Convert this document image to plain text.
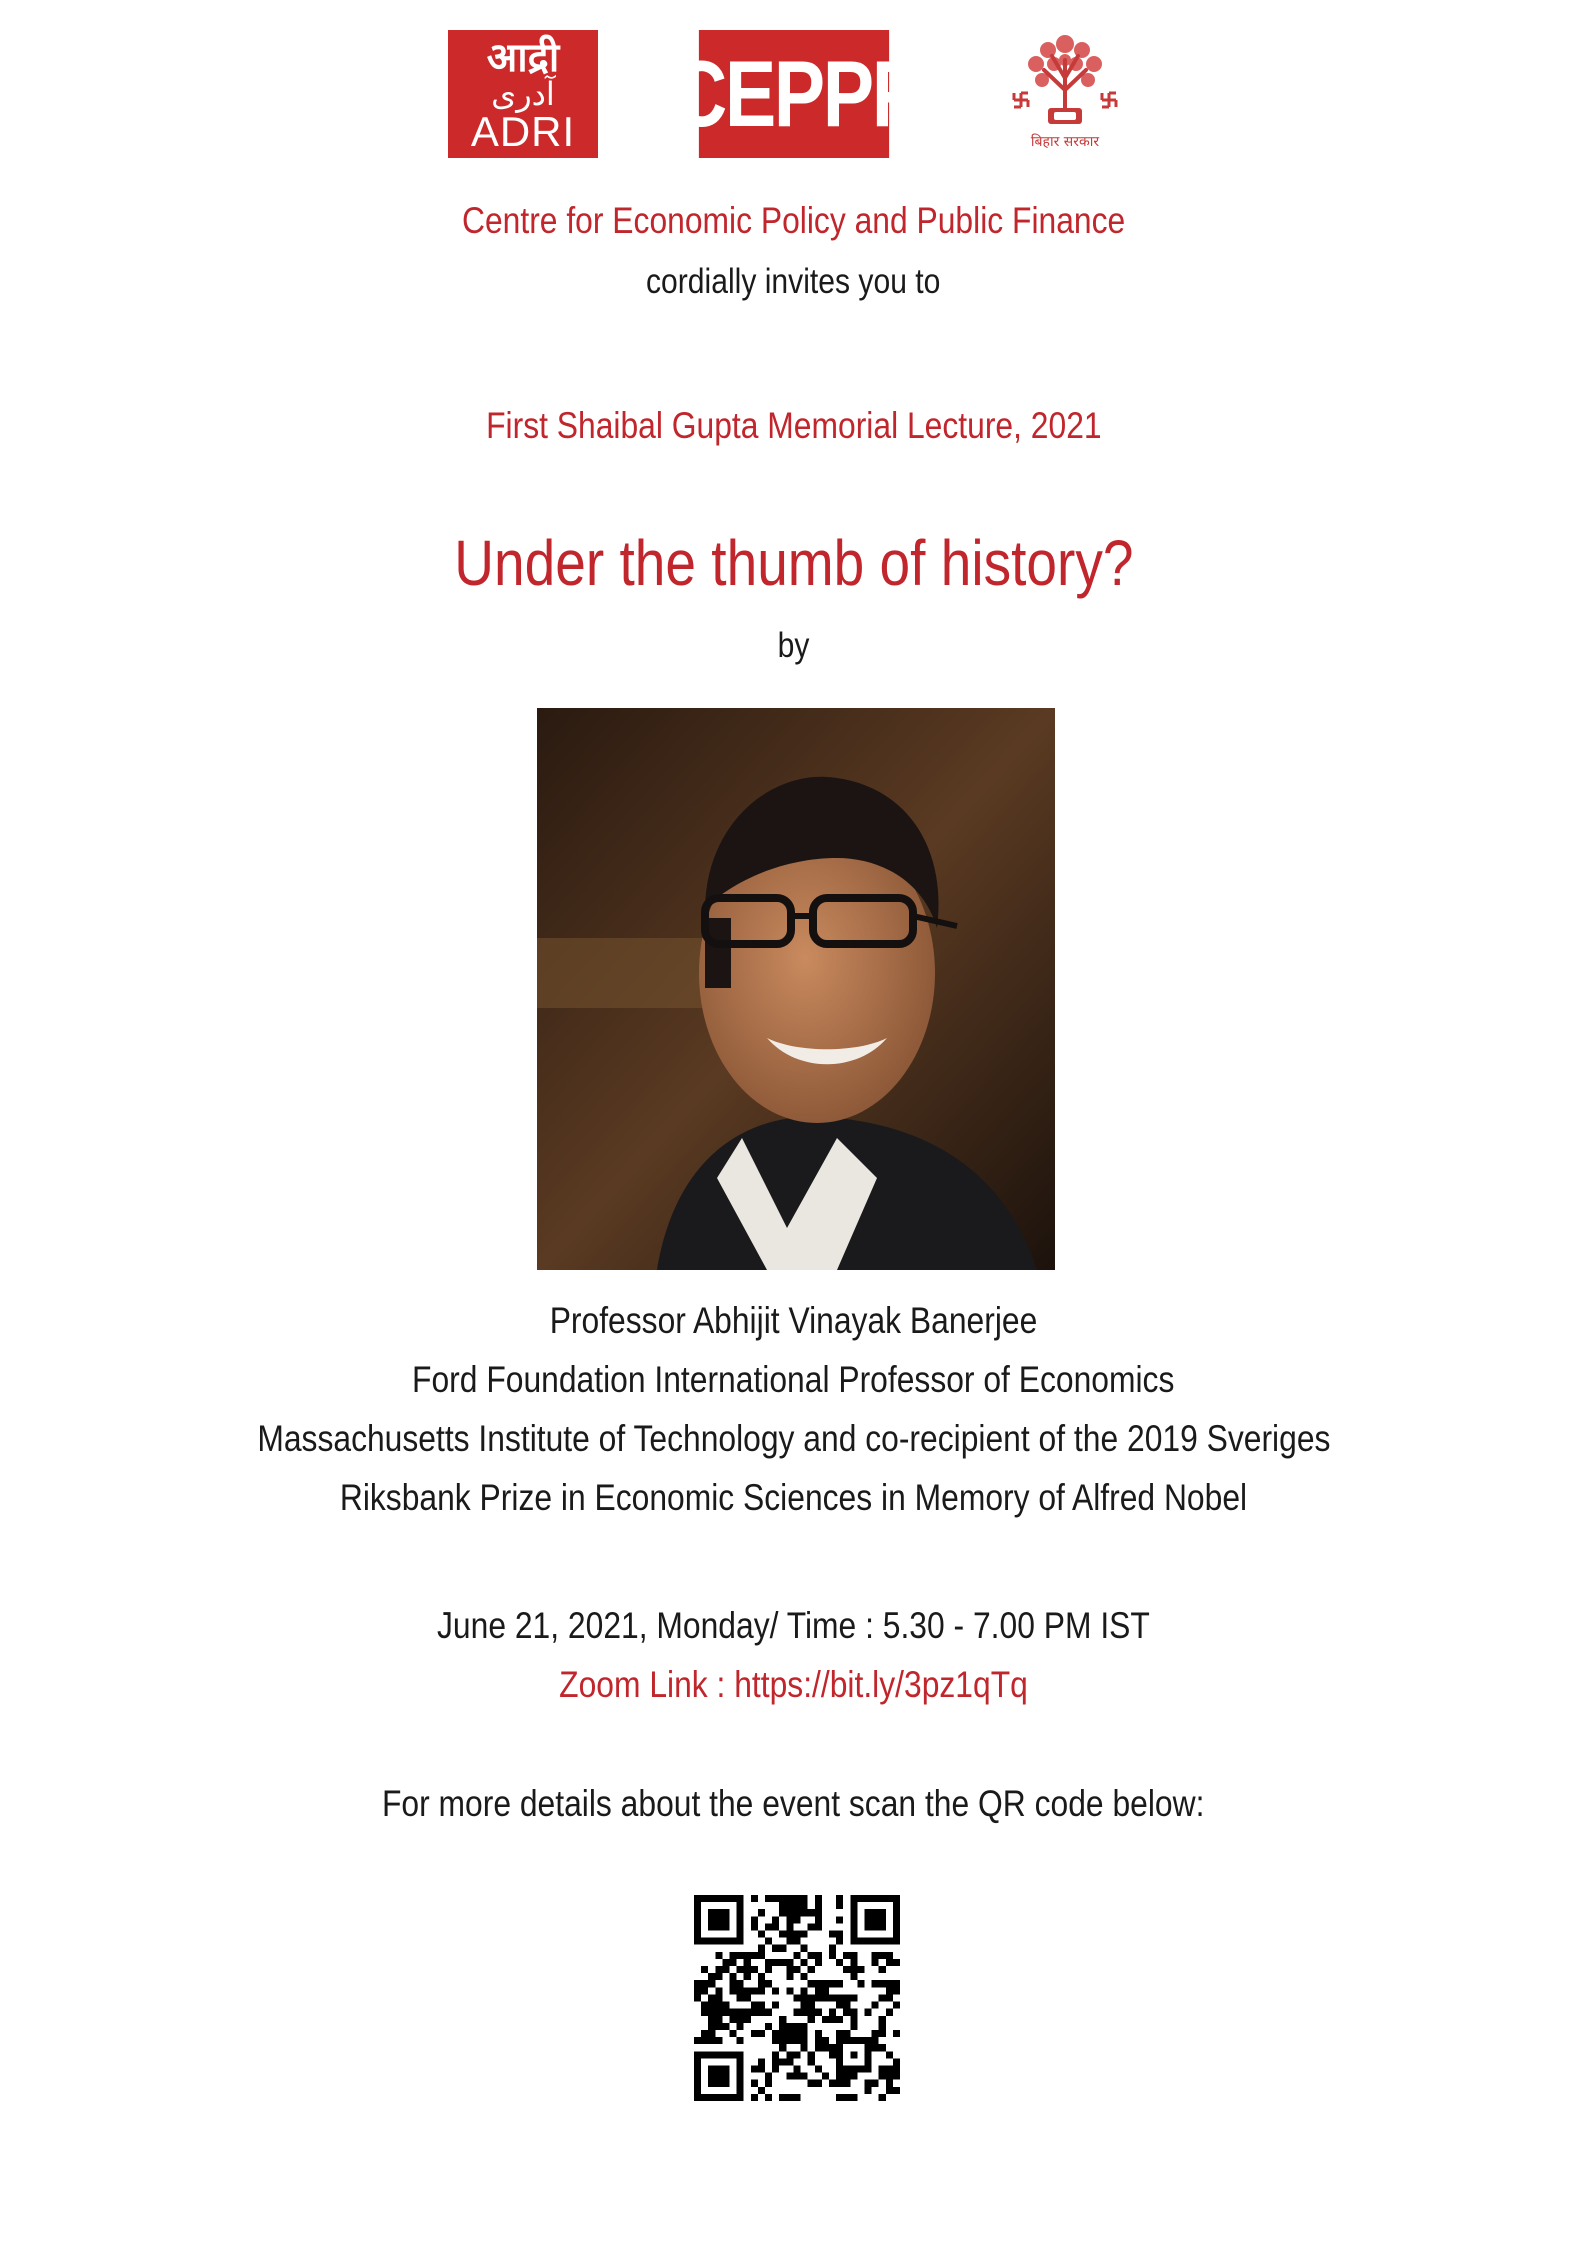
आद्री
آدری
ADRI CEPPF	बिहार सरकार
Centre for Economic Policy and Public Finance
cordially invites you to
First Shaibal Gupta Memorial Lecture, 2021
Under the thumb of history?
by
Professor Abhijit Vinayak Banerjee
Ford Foundation International Professor of Economics
Massachusetts Institute of Technology and co-recipient of the 2019 Sveriges
Riksbank Prize in Economic Sciences in Memory of Alfred Nobel
June 21, 2021, Monday/ Time : 5.30 - 7.00 PM IST
Zoom Link : https://bit.ly/3pz1qTq
For more details about the event scan the QR code below:
